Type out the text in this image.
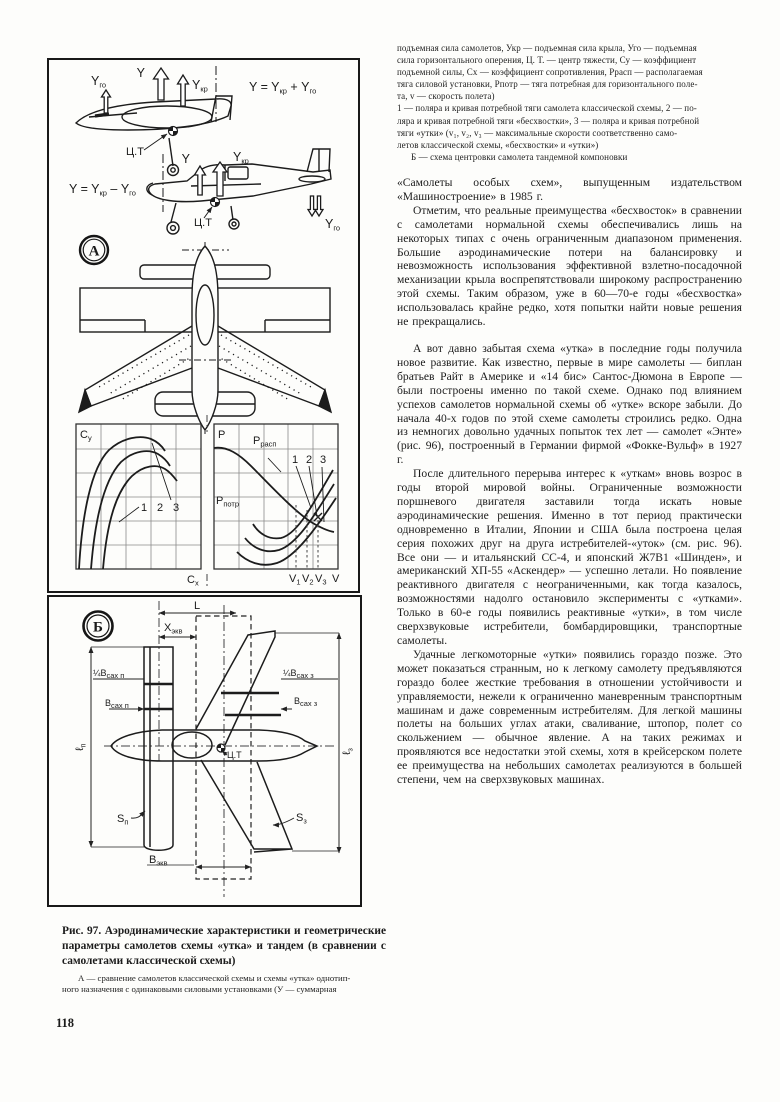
Y
$Y_{кр}$
$Y_{го}$	$Y = Y_{кр} + Y_{го}$
Ц.Т	Y	$Y_{кр}$
$Y = Y_{кр} - Y_{го}$
$Y_{го}$
Ц.Т
А
$С_у$
1 2 3
$С_х$
Р	$Р_{расп}$
$Р_{потр}$
1 2 3
$V_1$ $V_2$ $V_3$ V
Б
L
$Х_{экв}$
$\frac{1}{4}В_{сах п}$	$\frac{1}{4}В_{сах з}$
$В_{сах п}$	$В_{сах з}$
ℓ$_п$
ℓ$_з$
$S_п$	$S_з$
$В_{экв}$
Ц.Т

Рис. 97. Аэродинамические характеристики и геометрические параметры самолетов схемы «утка» и тандем (в сравнении с самолетами классической схемы)

А — сравнение самолетов классической схемы и схемы «утка» однотип-
ного назначения с одинаковыми силовыми установками (У — суммарная
118
подъемная сила самолетов, Укр — подъемная сила крыла, Уго — подъемная
сила горизонтального оперения, Ц. Т. — центр тяжести, Су — коэффициент
подъемной силы, Сх — коэффициент сопротивления, Ррасп — располагаемая
тяга силовой установки, Рпотр — тяга потребная для горизонтального поле-
та, v — скорость полета)
1 — поляра и кривая потребной тяги самолета классической схемы, 2 — по-
ляра и кривая потребной тяги «бесхвостки», 3 — поляра и кривая потребной
тяги «утки» (v₁, v₂, v₃ — максимальные скорости соответственно само-
летов классической схемы, «бесхвостки» и «утки»)
Б — схема центровки самолета тандемной компоновки

«Самолеты особых схем», выпущенным издательством «Машиностроение» в 1985 г.

Отметим, что реальные преимущества «бесхвосток» в сравнении с самолетами нормальной схемы обеспечивались лишь на некоторых типах с очень ограниченным диапазоном применения. Большие аэродинамические потери на балансировку и невозможность использования эффективной взлетно-посадочной механизации крыла воспрепятствовали широкому распространению этой схемы. Таким образом, уже в 60—70-е годы «бесхвостка» использовалась крайне редко, хотя попытки найти новые решения не прекращались.

А вот давно забытая схема «утка» в последние годы получила новое развитие. Как известно, первые в мире самолеты — биплан братьев Райт в Америке и «14 бис» Сантос-Дюмона в Европе — были построены именно по такой схеме. Однако под влиянием успехов самолетов нормальной схемы об «утке» вскоре забыли. До начала 40-х годов по этой схеме самолеты строились редко. Одна из немногих довольно удачных попыток тех лет — самолет «Энте» (рис. 96), построенный в Германии фирмой «Фокке-Вульф» в 1927 г.

После длительного перерыва интерес к «уткам» вновь возрос в годы второй мировой войны. Ограниченные возможности поршневого двигателя заставили тогда искать новые аэродинамические решения. Именно в тот период практически одновременно в Италии, Японии и США была построена целая серия похожих друг на друга истребителей-«уток» (см. рис. 96). Все они — и итальянский СС-4, и японский Ж7В1 «Шинден», и американский ХП-55 «Аскендер» — успешно летали. Но появление реактивного двигателя с неограниченными, как тогда казалось, возможностями надолго остановило эксперименты с «утками». Только в 60-е годы появились реактивные «утки», в том числе сверхзвуковые истребители, бомбардировщики, транспортные самолеты.

Удачные легкомоторные «утки» появились гораздо позже. Это может показаться странным, но к легкому самолету предъявляются гораздо более жесткие требования в отношении устойчивости и управляемости, нежели к ограниченно маневренным транспортным машинам и даже современным истребителям. Для легкой машины полеты на больших углах атаки, сваливание, штопор, полет со скольжением — обычное явление. А на таких режимах и проявляются все недостатки этой схемы, хотя в крейсерском полете ее преимущества на небольших самолетах реализуются в большей степени, чем на сверхзвуковых машинах.
